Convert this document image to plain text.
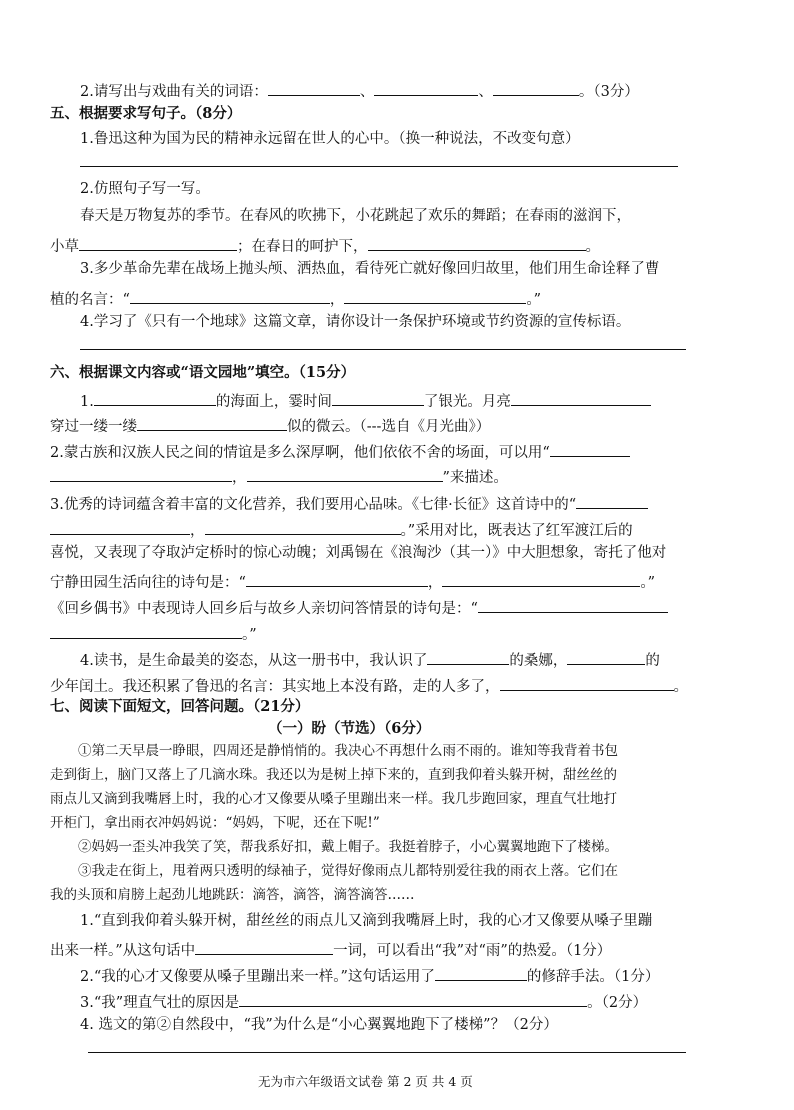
2.请写出与戏曲有关的词语：	、	、	。（3分）
五、根据要求写句子。（8分）
1.鲁迅这种为国为民的精神永远留在世人的心中。（换一种说法，不改变句意）
2.仿照句子写一写。
春天是万物复苏的季节。在春风的吹拂下，小花跳起了欢乐的舞蹈；在春雨的滋润下，
小草	；在春日的呵护下，	。
3.多少革命先辈在战场上抛头颅、洒热血，看待死亡就好像回归故里，他们用生命诠释了曹
植的名言：“	，	。”
4.学习了《只有一个地球》这篇文章，请你设计一条保护环境或节约资源的宣传标语。
六、根据课文内容或“语文园地”填空。（15分）
1.	的海面上，霎时间	了银光。月亮
穿过一缕一缕	似的微云。（---选自《月光曲》）
2.蒙古族和汉族人民之间的情谊是多么深厚啊，他们依依不舍的场面，可以用“
，	”来描述。
3.优秀的诗词蕴含着丰富的文化营养，我们要用心品味。《七律·长征》这首诗中的“
，	。”采用对比，既表达了红军渡江后的
喜悦，又表现了夺取泸定桥时的惊心动魄；刘禹锡在《浪淘沙（其一）》中大胆想象，寄托了他对
宁静田园生活向往的诗句是：“	，	。”
《回乡偶书》中表现诗人回乡后与故乡人亲切问答情景的诗句是：“
。”
4.读书，是生命最美的姿态，从这一册书中，我认识了	的桑娜，	的
少年闰土。我还积累了鲁迅的名言：其实地上本没有路，走的人多了，	。
七、阅读下面短文，回答问题。（21分）
（一）盼（节选）（6分）
①第二天早晨一睁眼，四周还是静悄悄的。我决心不再想什么雨不雨的。谁知等我背着书包
走到街上，脑门又落上了几滴水珠。我还以为是树上掉下来的，直到我仰着头躲开树，甜丝丝的
雨点儿又滴到我嘴唇上时，我的心才又像要从嗓子里蹦出来一样。我几步跑回家，理直气壮地打
开柜门，拿出雨衣冲妈妈说：“妈妈，下呢，还在下呢!”
②妈妈一歪头冲我笑了笑，帮我系好扣，戴上帽子。我挺着脖子，小心翼翼地跑下了楼梯。
③我走在街上，甩着两只透明的绿袖子，觉得好像雨点儿都特别爱往我的雨衣上落。它们在
我的头顶和肩膀上起劲儿地跳跃：滴答，滴答，滴答滴答……
1.“直到我仰着头躲开树，甜丝丝的雨点儿又滴到我嘴唇上时，我的心才又像要从嗓子里蹦
出来一样。”从这句话中	一词，可以看出“我”对“雨”的热爱。（1分）
2.“我的心才又像要从嗓子里蹦出来一样。”这句话运用了	的修辞手法。（1分）
3.“我”理直气壮的原因是	。（2分）
4. 选文的第②自然段中，“我”为什么是“小心翼翼地跑下了楼梯”？（2分）
无为市六年级语文试卷 第 2 页 共 4 页
